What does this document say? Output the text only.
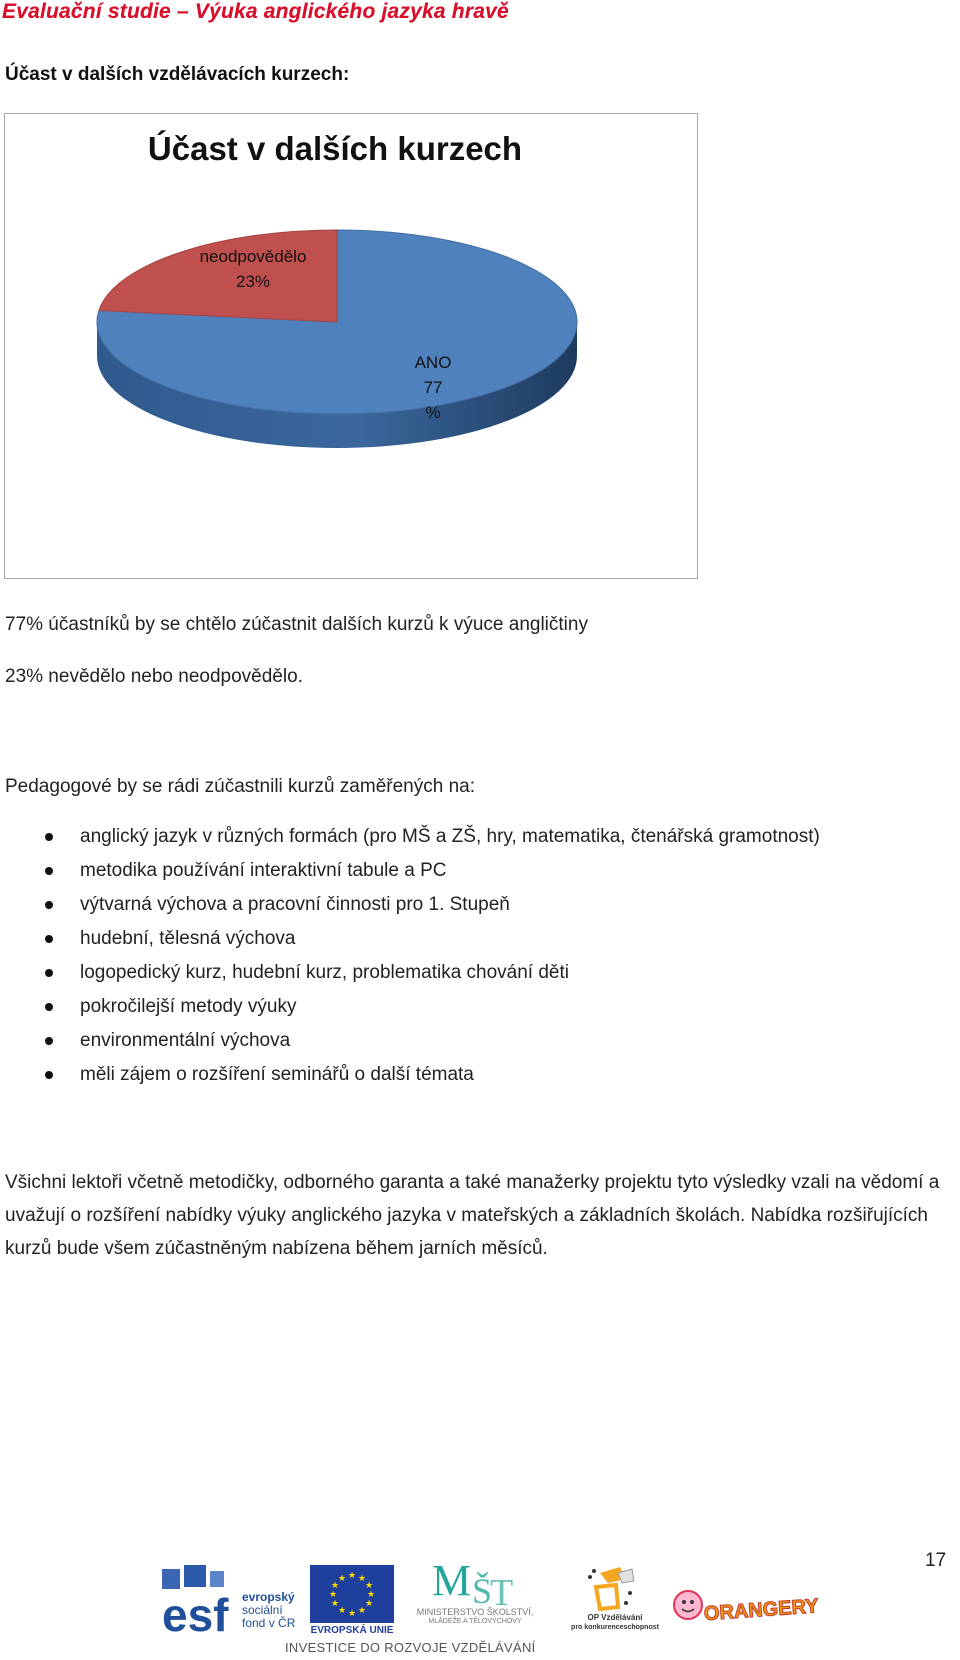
Evaluační studie – Výuka anglického jazyka hravě
Účast v dalších vzdělávacích kurzech:
Účast v dalších kurzech
ANO 77 %
neodpovědělo 23%
77% účastníků by se chtělo zúčastnit dalších kurzů k výuce angličtiny
23% nevědělo nebo neodpovědělo.
Pedagogové by se rádi zúčastnili kurzů zaměřených na:
anglický jazyk v různých formách (pro MŠ a ZŠ, hry, matematika, čtenářská gramotnost)
metodika používání interaktivní tabule a PC
výtvarná výchova a pracovní činnosti pro 1. Stupeň
hudební, tělesná výchova
logopedický kurz, hudební kurz, problematika chování děti
pokročilejší metody výuky
environmentální výchova
měli zájem o rozšíření seminářů o další témata
Všichni lektoři včetně metodičky, odborného garanta a také manažerky projektu tyto výsledky vzali na vědomí a uvažují o rozšíření nabídky výuky anglického jazyka v mateřských a základních školách. Nabídka rozšiřujících kurzů bude všem zúčastněným nabízena během jarních měsíců.
17
esf evropský
sociální
fond v ČR
★ ★
★
★
★
★
★
★
★
★
★
★
EVROPSKÁ UNIE
M Š
T
MINISTERSTVO ŠKOLSTVÍ,
MLÁDEŽE A TĚLOVÝCHOVY	OP Vzdělávání
pro konkurenceschopnost
ORANGERY
INVESTICE DO ROZVOJE VZDĚLÁVÁNÍ
